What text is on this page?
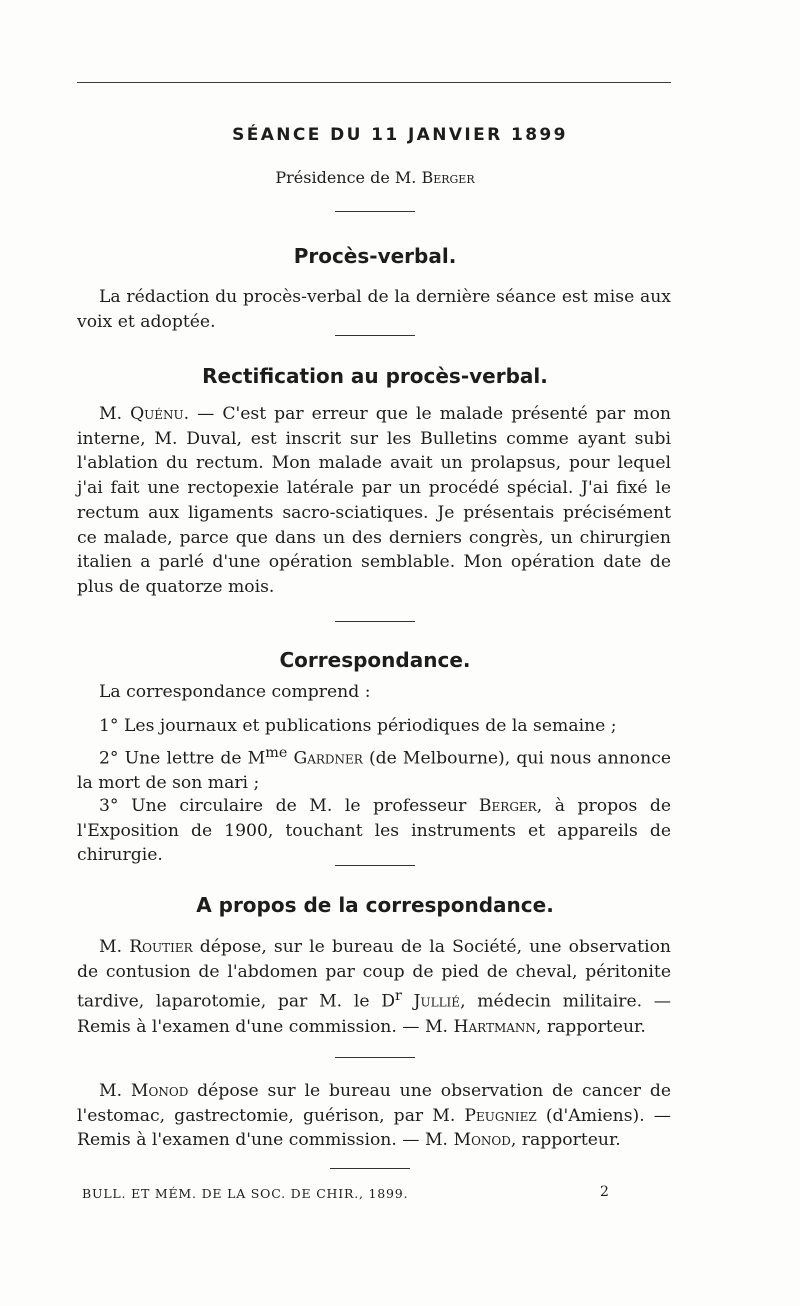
SÉANCE DU 11 JANVIER 1899
Présidence de M. Berger
Procès-verbal.

La rédaction du procès-verbal de la dernière séance est mise aux voix et adoptée.

Rectification au procès-verbal.

M. Quénu. — C'est par erreur que le malade présenté par mon interne, M. Duval, est inscrit sur les Bulletins comme ayant subi l'ablation du rectum. Mon malade avait un prolapsus, pour lequel j'ai fait une rectopexie latérale par un procédé spécial. J'ai fixé le rectum aux ligaments sacro-sciatiques. Je présentais précisément ce malade, parce que dans un des derniers congrès, un chirurgien italien a parlé d'une opération semblable. Mon opération date de plus de quatorze mois.

Correspondance.

La correspondance comprend :

1° Les journaux et publications périodiques de la semaine ;

2° Une lettre de $M^{me}$ Gardner (de Melbourne), qui nous annonce la mort de son mari ;

3° Une circulaire de M. le professeur Berger, à propos de l'Exposition de 1900, touchant les instruments et appareils de chirurgie.

A propos de la correspondance.

M. Routier dépose, sur le bureau de la Société, une observation de contusion de l'abdomen par coup de pied de cheval, péritonite tardive, laparotomie, par M. le $D^r$ Jullié, médecin militaire. — Remis à l'examen d'une commission. — M. Hartmann, rapporteur.

M. Monod dépose sur le bureau une observation de cancer de l'estomac, gastrectomie, guérison, par M. Peugniez (d'Amiens). — Remis à l'examen d'une commission. — M. Monod, rapporteur.

BULL. ET MÉM. DE LA SOC. DE CHIR., 1899.	2
